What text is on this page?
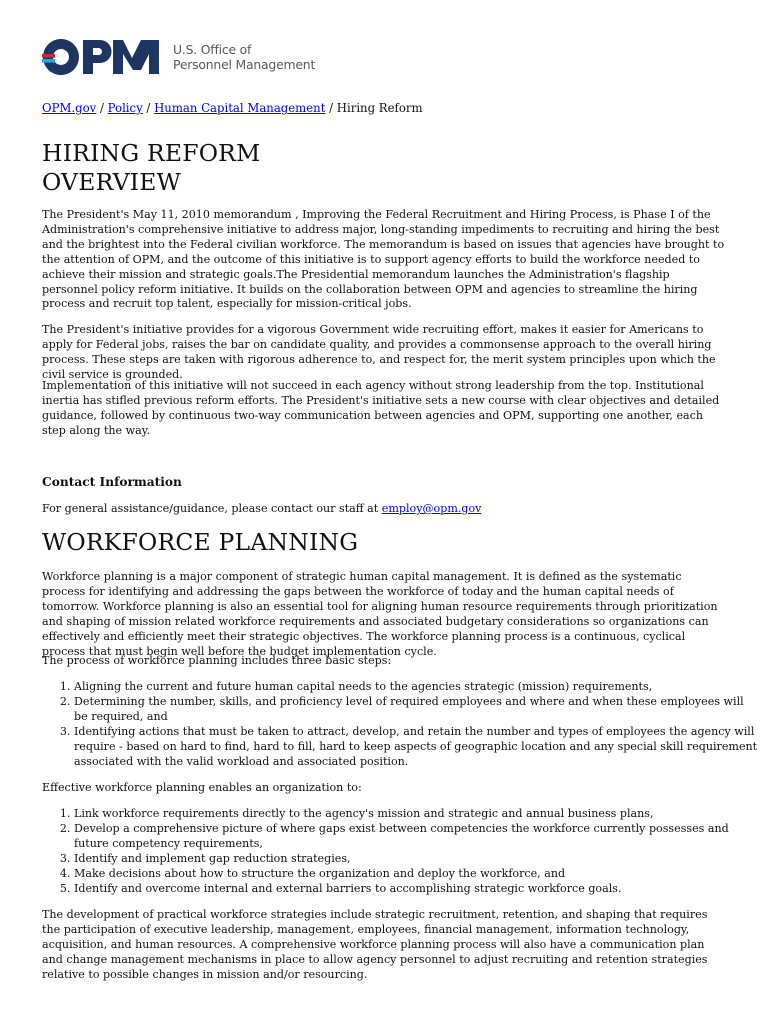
U.S. Office of
Personnel Management
OPM.gov / Policy / Human Capital Management / Hiring Reform
HIRING REFORM OVERVIEW

The President's May 11, 2010 memorandum , Improving the Federal Recruitment and Hiring Process, is Phase I of the Administration's comprehensive initiative to address major, long-standing impediments to recruiting and hiring the best and the brightest into the Federal civilian workforce. The memorandum is based on issues that agencies have brought to the attention of OPM, and the outcome of this initiative is to support agency efforts to build the workforce needed to achieve their mission and strategic goals.The Presidential memorandum launches the Administration's flagship personnel policy reform initiative. It builds on the collaboration between OPM and agencies to streamline the hiring process and recruit top talent, especially for mission-critical jobs.

The President's initiative provides for a vigorous Government wide recruiting effort, makes it easier for Americans to apply for Federal jobs, raises the bar on candidate quality, and provides a commonsense approach to the overall hiring process. These steps are taken with rigorous adherence to, and respect for, the merit system principles upon which the civil service is grounded.

Implementation of this initiative will not succeed in each agency without strong leadership from the top. Institutional inertia has stifled previous reform efforts. The President's initiative sets a new course with clear objectives and detailed guidance, followed by continuous two-way communication between agencies and OPM, supporting one another, each step along the way.

Contact Information

For general assistance/guidance, please contact our staff at employ@opm.gov

WORKFORCE PLANNING

Workforce planning is a major component of strategic human capital management. It is defined as the systematic process for identifying and addressing the gaps between the workforce of today and the human capital needs of tomorrow. Workforce planning is also an essential tool for aligning human resource requirements through prioritization and shaping of mission related workforce requirements and associated budgetary considerations so organizations can effectively and efficiently meet their strategic objectives. The workforce planning process is a continuous, cyclical process that must begin well before the budget implementation cycle.

The process of workforce planning includes three basic steps:

1. Aligning the current and future human capital needs to the agencies strategic (mission) requirements,
2. Determining the number, skills, and proficiency level of required employees and where and when these employees will be required, and
3. Identifying actions that must be taken to attract, develop, and retain the number and types of employees the agency will require - based on hard to find, hard to fill, hard to keep aspects of geographic location and any special skill requirement associated with the valid workload and associated position.

Effective workforce planning enables an organization to:

1. Link workforce requirements directly to the agency's mission and strategic and annual business plans,
2. Develop a comprehensive picture of where gaps exist between competencies the workforce currently possesses and future competency requirements,
3. Identify and implement gap reduction strategies,
4. Make decisions about how to structure the organization and deploy the workforce, and
5. Identify and overcome internal and external barriers to accomplishing strategic workforce goals.

The development of practical workforce strategies include strategic recruitment, retention, and shaping that requires the participation of executive leadership, management, employees, financial management, information technology, acquisition, and human resources. A comprehensive workforce planning process will also have a communication plan and change management mechanisms in place to allow agency personnel to adjust recruiting and retention strategies relative to possible changes in mission and/or resourcing.
